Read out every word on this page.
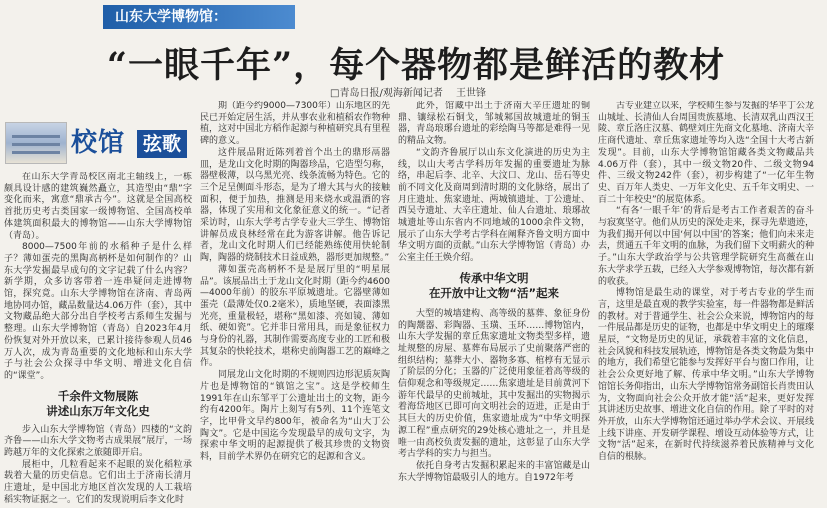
山东大学博物馆：
“一眼千年”，每个器物都是鲜活的教材
□青岛日报/观海新闻记者 王世锋
校馆 弦歌

在山东大学青岛校区南北主轴线上，一栋颇具设计感的建筑巍然矗立，其造型由“鼎”字变化而来，寓意“鼎承古今”。这就是全国高校首批历史考古类国家一级博物馆、全国高校单体建筑面积最大的博物馆——山东大学博物馆（青岛）。

8000—7500年前的水稻种子是什么样子？薄如蛋壳的黑陶高柄杯是如何制作的？山东大学发掘最早成句的文字记载了什么内容？新学期，众多访客带着一连串疑问走进博物馆，探究竟。山东大学博物馆在济南、青岛两地协同办馆，藏品数量达4.06万件（套），其中文物藏品绝大部分出自学校考古系师生发掘与整理。山东大学博物馆（青岛）自2023年4月份恢复对外开放以来，已累计接待参观人员46万人次，成为青岛重要的文化地标和山东大学子与社会公众探寻中华文明、增进文化自信的“课堂”。

千余件文物展陈
讲述山东万年文化史

步入山东大学博物馆（青岛）四楼的“文韵齐鲁——山东大学文物考古成果展”展厅，一场跨越万年的文化探索之旅随即开启。

展柜中，几粒看起来不起眼的炭化稻粒承载着大量的历史信息。它们出土于济南长清月庄遗址，是中国北方地区首次发现的人工栽培稻实物证据之一。它们的发现说明后李文化时

期（距今约9000—7300年）山东地区的先民已开始定居生活，并从事农业和植稻农作物种植，这对中国北方稻作起源与种植研究具有里程碑的意义。

这件展品附近陈列着首个出土的鼎形鬲器皿，是龙山文化时期的陶器珍品，它造型匀称，器壁极薄，以乌黑光亮、线条流畅为特色。它的三个足呈侧面斗形态，是为了增大其与火的接触面积，便于加热，推测是用来烧水或温酒的容器，体现了实用和文化象征意义的统一。“记者采访时，山东大学考古学专业大三学生、博物馆讲解员成良林经常在此为游客讲解。他告诉记者，龙山文化时期人们已经能熟练使用快轮制陶，陶器的烧制技术日益成熟，器形更加规整。”

薄如蛋壳高柄杯不是是展厅里的“明星展品”。该展品出土于龙山文化时期（距今约4600—4000年前）的胶东平原城遗址。它器壁薄如蛋壳（最薄处仅0.2毫米），质地坚硬，表面漆黑光亮，重量极轻，堪称“黑如漆、亮如镜、薄如纸、硬如瓷”。它并非日常用具，而是象征权力与身份的礼器，其制作需要高度专业的工匠和极其复杂的快轮技术，堪称史前陶器工艺的巅峰之作。

同展龙山文化时期的不规则四边形泥质灰陶片也是博物馆的“镇馆之宝”。这是学校师生1991年在山东邹平丁公遗址出土的文物，距今约有4200年。陶片上刻写有5列、11个连笔文字，比甲骨文早约800年，被命名为“山大丁公陶文”。它是中国迄今发现最早的成句文字，为探索中华文明的起源提供了极其珍贵的文物资料，目前学术界仍在研究它的起源和含义。

此外，馆藏中出土于济南大辛庄遗址的铜鼎、镶绿松石铜戈，邹城邾国故城遗址的铜玉器，青岛琅琊台遗址的彩绘陶马等都是难得一见的精品文物。

“文韵齐鲁展厅以山东文化演进的历史为主线，以山大考古学科历年发掘的重要遗址为脉络，串起后李、北辛、大汶口、龙山、岳石等史前不同文化及商周到清时期的文化脉络，展出了月庄遗址、焦家遗址、两城镇遗址、丁公遗址、西吴寺遗址、大辛庄遗址、仙人台遗址、琅琊故城遗址等山东省内不同地域的1000余件文物，展示了山东大学考古学科在阐释齐鲁文明方面中华文明方面的贡献。”山东大学博物馆（青岛）办公室主任王焕介绍。

传承中华文明
在开放中让文物“活”起来

大型的城墙建构、高等级的墓葬、象征身份的陶鬶器、彩陶器、玉璜、玉环……博物馆内，山东大学发掘的章丘焦家遗址文物类型多样，遗址规整的房屋、墓葬布局展示了史前聚落严密的组织结构；墓葬大小、器物多寡、棺椁有无显示了阶层的分化；玉器的广泛使用象征着高等级的信仰观念和等级规定……焦家遗址是目前黄河下游年代最早的史前城址，其中发掘出的实物揭示着海岱地区已即可向文明社会的迈进，正是由于其巨大的历史价值，焦家遗址成为“中华文明探源工程”重点研究的29处核心遗址之一，并且是唯一由高校负责发掘的遗址，这彰显了山东大学考古学科的实力与担当。

依托自身考古发掘积累起来的丰富馆藏是山东大学博物馆最吸引人的地方。自1972年考

古专业建立以来，学校师生参与发掘的华平丁公龙山城址、长清仙人台周国贵族墓地、长清双乳山西汉王陵、章丘洛庄汉墓、鹤壁刘庄先商文化墓地、济南大辛庄商代遗址、章丘焦家遗址等均入选“全国十大考古新发现”。目前，山东大学博物馆馆藏各类文物藏品共4.06万件（套），其中一级文物20件、二级文物94件、三级文物242件（套），初步构建了“一亿年生物史、百万年人类史、一万年文化史、五千年文明史、一百二十年校史”的展览体系。

“有各‘一眼千年’的背后是考古工作者艰苦的奋斗与寂寞坚守。他们从历史的深处走来，探寻先辈遗迹，为我们揭开何以中国‘何以中国’的答案；他们向未来走去，贯通五千年文明的血脉，为我们留下文明薪火的种子。”山东大学政治学与公共管理学院研究生高薇在山东大学求学五载，已经入大学参观博物馆，每次都有新的收获。

博物馆是最生动的课堂，对于考古专业的学生而言，这里是最直观的教学实验室，每一件器物都是鲜活的教材。对于普通学生、社会公众来说，博物馆内的每一件展品都是历史的证物，也都是中华文明史上的璀璨星辰，“文物是历史的见证，承载着丰富的文化信息，社会风貌和科技发展轨迹，博物馆是各类文物最为集中的地方，我们希望它能参与发挥好平台与窗口作用，让社会公众更好地了解、传承中华文明。”山东大学博物馆馆长务仰指出，山东大学博物馆常务副馆长肖贵田认为，文物面向社会公众开放才能“活”起来，更好发挥其讲述历史故事、增进文化自信的作用。除了平时的对外开放，山东大学博物馆还通过举办学术会议、开展线上线下讲座、开发研学课程、增设互动体验等方式，让文物“活”起来，在新时代持续滋养着民族精神与文化自信的根脉。
